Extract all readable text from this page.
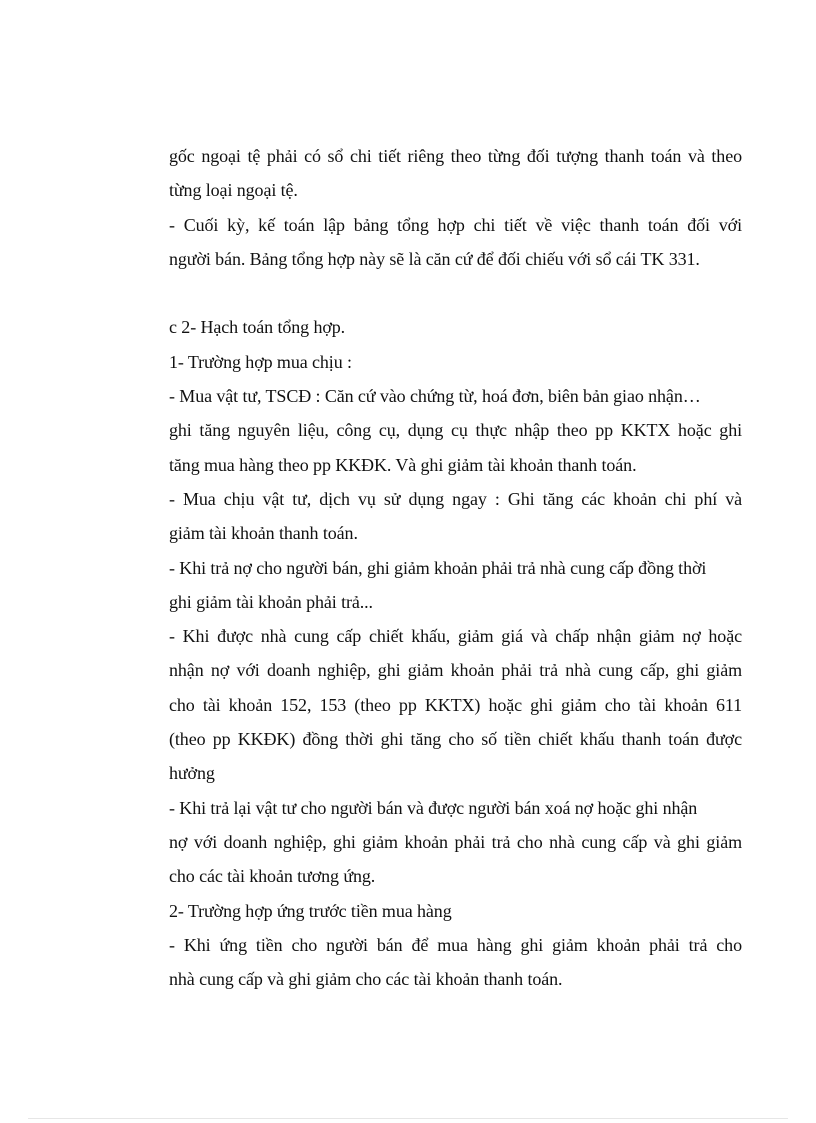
gốc ngoại tệ phải có sổ chi tiết riêng theo từng đối tượng thanh toán và theo
từng loại ngoại tệ.
- Cuối kỳ, kế toán lập bảng tổng hợp chi tiết về việc thanh toán đối với
người bán. Bảng tổng hợp này sẽ là căn cứ để đối chiếu với sổ cái TK 331.
c 2- Hạch toán tổng hợp.
1- Trường hợp mua chịu :
- Mua vật tư, TSCĐ : Căn cứ vào chứng từ, hoá đơn, biên bản giao nhận…
ghi tăng nguyên liệu, công cụ, dụng cụ thực nhập theo pp KKTX hoặc ghi
tăng mua hàng theo pp KKĐK. Và ghi giảm tài khoản thanh toán.
- Mua chịu vật tư, dịch vụ sử dụng ngay : Ghi tăng các khoản chi phí và
giảm tài khoản thanh toán.
- Khi trả nợ cho người bán, ghi giảm khoản phải trả nhà cung cấp đồng thời
ghi giảm tài khoản phải trả...
- Khi được nhà cung cấp chiết khấu, giảm giá và chấp nhận giảm nợ hoặc
nhận nợ với doanh nghiệp, ghi giảm khoản phải trả nhà cung cấp, ghi giảm
cho tài khoản 152, 153 (theo pp KKTX) hoặc ghi giảm cho tài khoản 611
(theo pp KKĐK) đồng thời ghi tăng cho số tiền chiết khấu thanh toán được
hưởng
- Khi trả lại vật tư cho người bán và được người bán xoá nợ hoặc ghi nhận
nợ với doanh nghiệp, ghi giảm khoản phải trả cho nhà cung cấp và ghi giảm
cho các tài khoản tương ứng.
2- Trường hợp ứng trước tiền mua hàng
- Khi ứng tiền cho người bán để mua hàng ghi giảm khoản phải trả cho
nhà cung cấp và ghi giảm cho các tài khoản thanh toán.
